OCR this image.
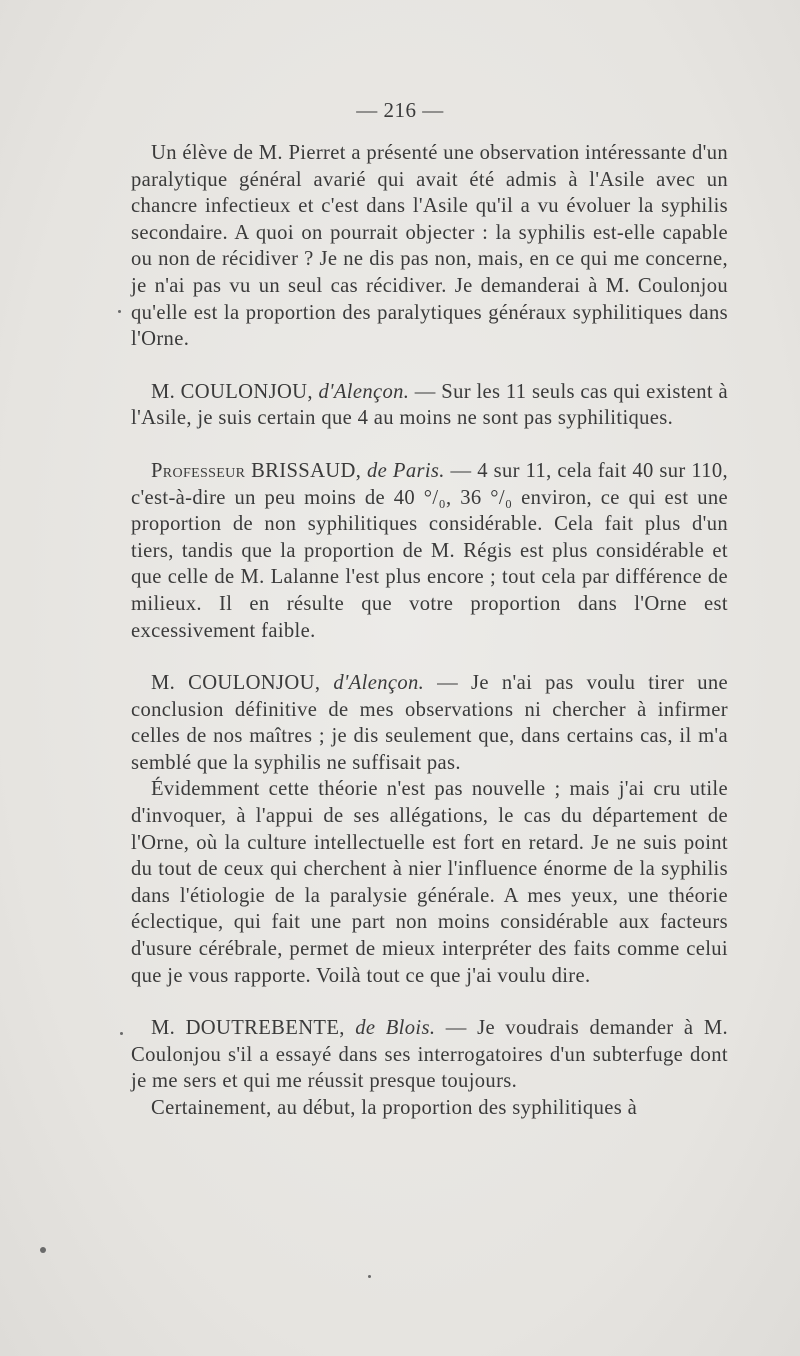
— 216 —

Un élève de M. Pierret a présenté une observation intéressante d'un paralytique général avarié qui avait été admis à l'Asile avec un chancre infectieux et c'est dans l'Asile qu'il a vu évoluer la syphilis secondaire. A quoi on pourrait objecter : la syphilis est-elle capable ou non de récidiver ? Je ne dis pas non, mais, en ce qui me concerne, je n'ai pas vu un seul cas récidiver. Je demanderai à M. Coulonjou qu'elle est la proportion des paralytiques généraux syphilitiques dans l'Orne.

M. COULONJOU, d'Alençon. — Sur les 11 seuls cas qui existent à l'Asile, je suis certain que 4 au moins ne sont pas syphilitiques.

Professeur BRISSAUD, de Paris. — 4 sur 11, cela fait 40 sur 110, c'est-à-dire un peu moins de 40 °/₀, 36 °/₀ environ, ce qui est une proportion de non syphilitiques considérable. Cela fait plus d'un tiers, tandis que la proportion de M. Régis est plus considérable et que celle de M. Lalanne l'est plus encore ; tout cela par différence de milieux. Il en résulte que votre proportion dans l'Orne est excessivement faible.

M. COULONJOU, d'Alençon. — Je n'ai pas voulu tirer une conclusion définitive de mes observations ni chercher à infirmer celles de nos maîtres ; je dis seulement que, dans certains cas, il m'a semblé que la syphilis ne suffisait pas.

Évidemment cette théorie n'est pas nouvelle ; mais j'ai cru utile d'invoquer, à l'appui de ses allégations, le cas du département de l'Orne, où la culture intellectuelle est fort en retard. Je ne suis point du tout de ceux qui cherchent à nier l'influence énorme de la syphilis dans l'étiologie de la paralysie générale. A mes yeux, une théorie éclectique, qui fait une part non moins considérable aux facteurs d'usure cérébrale, permet de mieux interpréter des faits comme celui que je vous rapporte. Voilà tout ce que j'ai voulu dire.

M. DOUTREBENTE, de Blois. — Je voudrais demander à M. Coulonjou s'il a essayé dans ses interrogatoires d'un subterfuge dont je me sers et qui me réussit presque toujours.

Certainement, au début, la proportion des syphilitiques à
